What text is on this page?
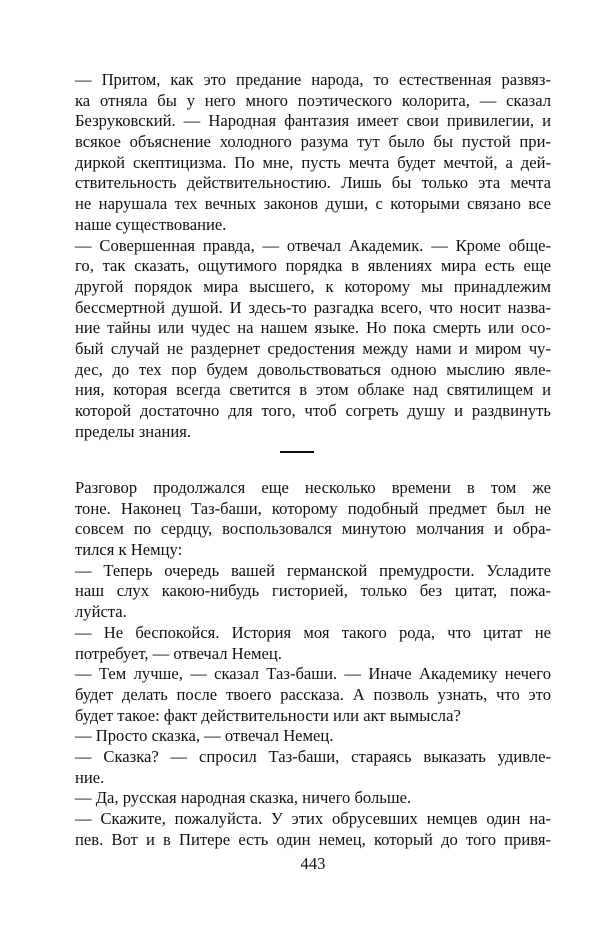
— Притом, как это предание народа, то естественная развяз-
ка отняла бы у него много поэтического колорита, — сказал
Безруковский. — Народная фантазия имеет свои привилегии, и
всякое объяснение холодного разума тут было бы пустой при-
диркой скептицизма. По мне, пусть мечта будет мечтой, а дей-
ствительность действительностию. Лишь бы только эта мечта
не нарушала тех вечных законов души, с которыми связано все
наше существование.
— Совершенная правда, — отвечал Академик. — Кроме обще-
го, так сказать, ощутимого порядка в явлениях мира есть еще
другой порядок мира высшего, к которому мы принадлежим
бессмертной душой. И здесь-то разгадка всего, что носит назва-
ние тайны или чудес на нашем языке. Но пока смерть или осо-
бый случай не раздернет средостения между нами и миром чу-
дес, до тех пор будем довольствоваться одною мыслию явле-
ния, которая всегда светится в этом облаке над святилищем и
которой достаточно для того, чтоб согреть душу и раздвинуть
пределы знания.
Разговор продолжался еще несколько времени в том же
тоне. Наконец Таз-баши, которому подобный предмет был не
совсем по сердцу, воспользовался минутою молчания и обра-
тился к Немцу:
— Теперь очередь вашей германской премудрости. Усладите
наш слух какою-нибудь гисторией, только без цитат, пожа-
луйста.
— Не беспокойся. История моя такого рода, что цитат не
потребует, — отвечал Немец.
— Тем лучше, — сказал Таз-баши. — Иначе Академику нечего
будет делать после твоего рассказа. А позволь узнать, что это
будет такое: факт действительности или акт вымысла?
— Просто сказка, — отвечал Немец.
— Сказка? — спросил Таз-баши, стараясь выказать удивле-
ние.
— Да, русская народная сказка, ничего больше.
— Скажите, пожалуйста. У этих обрусевших немцев один на-
пев. Вот и в Питере есть один немец, который до того привя-
443
